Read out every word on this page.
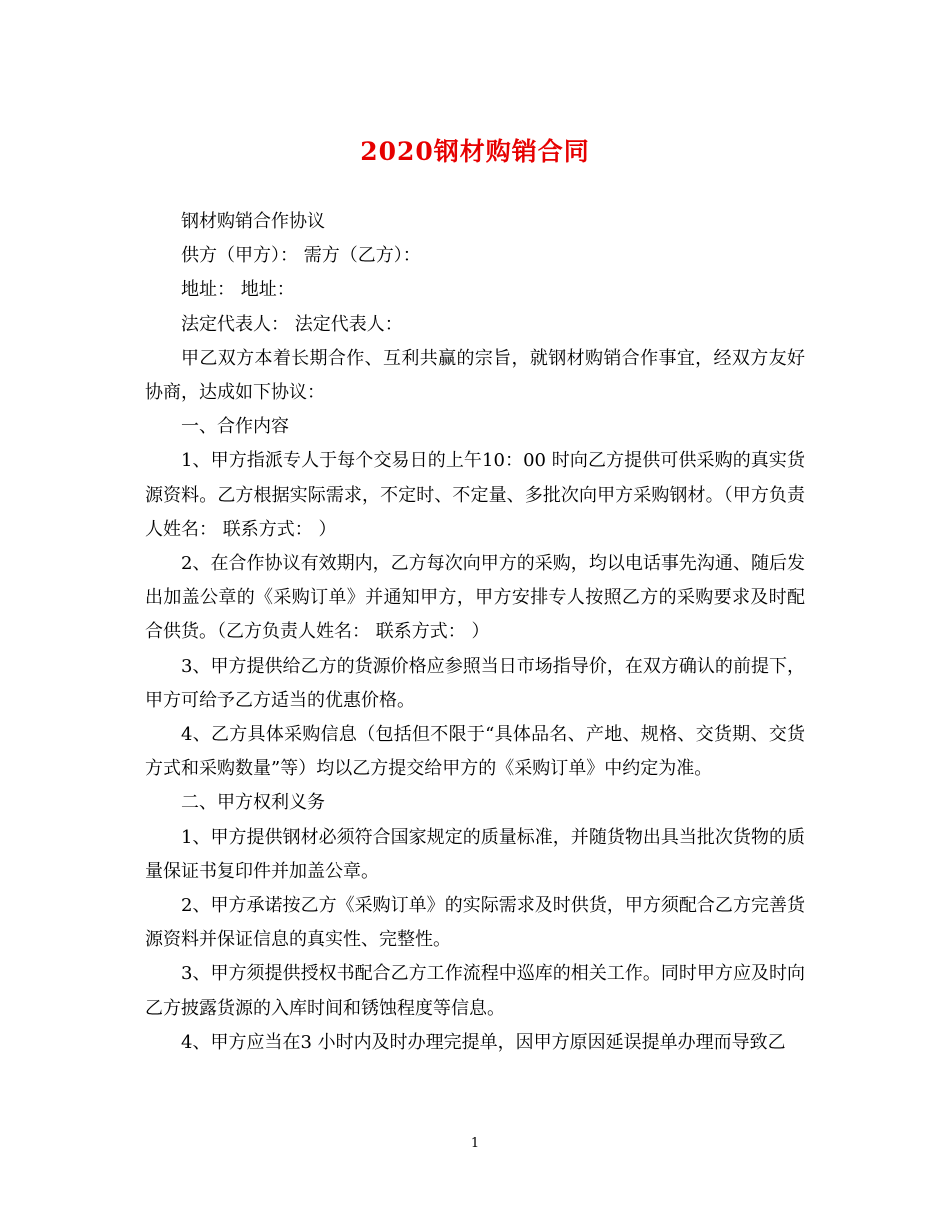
2020钢材购销合同

钢材购销合作协议

供方（甲方）： 需方（乙方）：

地址： 地址：

法定代表人： 法定代表人：

甲乙双方本着长期合作、互利共赢的宗旨，就钢材购销合作事宜，经双方友好协商，达成如下协议：

一、合作内容

1、甲方指派专人于每个交易日的上午10：00 时向乙方提供可供采购的真实货源资料。乙方根据实际需求，不定时、不定量、多批次向甲方采购钢材。（甲方负责人姓名： 联系方式： ）

2、在合作协议有效期内，乙方每次向甲方的采购，均以电话事先沟通、随后发出加盖公章的《采购订单》并通知甲方，甲方安排专人按照乙方的采购要求及时配合供货。（乙方负责人姓名： 联系方式： ）

3、甲方提供给乙方的货源价格应参照当日市场指导价，在双方确认的前提下，甲方可给予乙方适当的优惠价格。

4、乙方具体采购信息（包括但不限于“具体品名、产地、规格、交货期、交货方式和采购数量”等）均以乙方提交给甲方的《采购订单》中约定为准。

二、甲方权利义务

1、甲方提供钢材必须符合国家规定的质量标准，并随货物出具当批次货物的质量保证书复印件并加盖公章。

2、甲方承诺按乙方《采购订单》的实际需求及时供货，甲方须配合乙方完善货源资料并保证信息的真实性、完整性。

3、甲方须提供授权书配合乙方工作流程中巡库的相关工作。同时甲方应及时向乙方披露货源的入库时间和锈蚀程度等信息。

4、甲方应当在3 小时内及时办理完提单，因甲方原因延误提单办理而导致乙

1
